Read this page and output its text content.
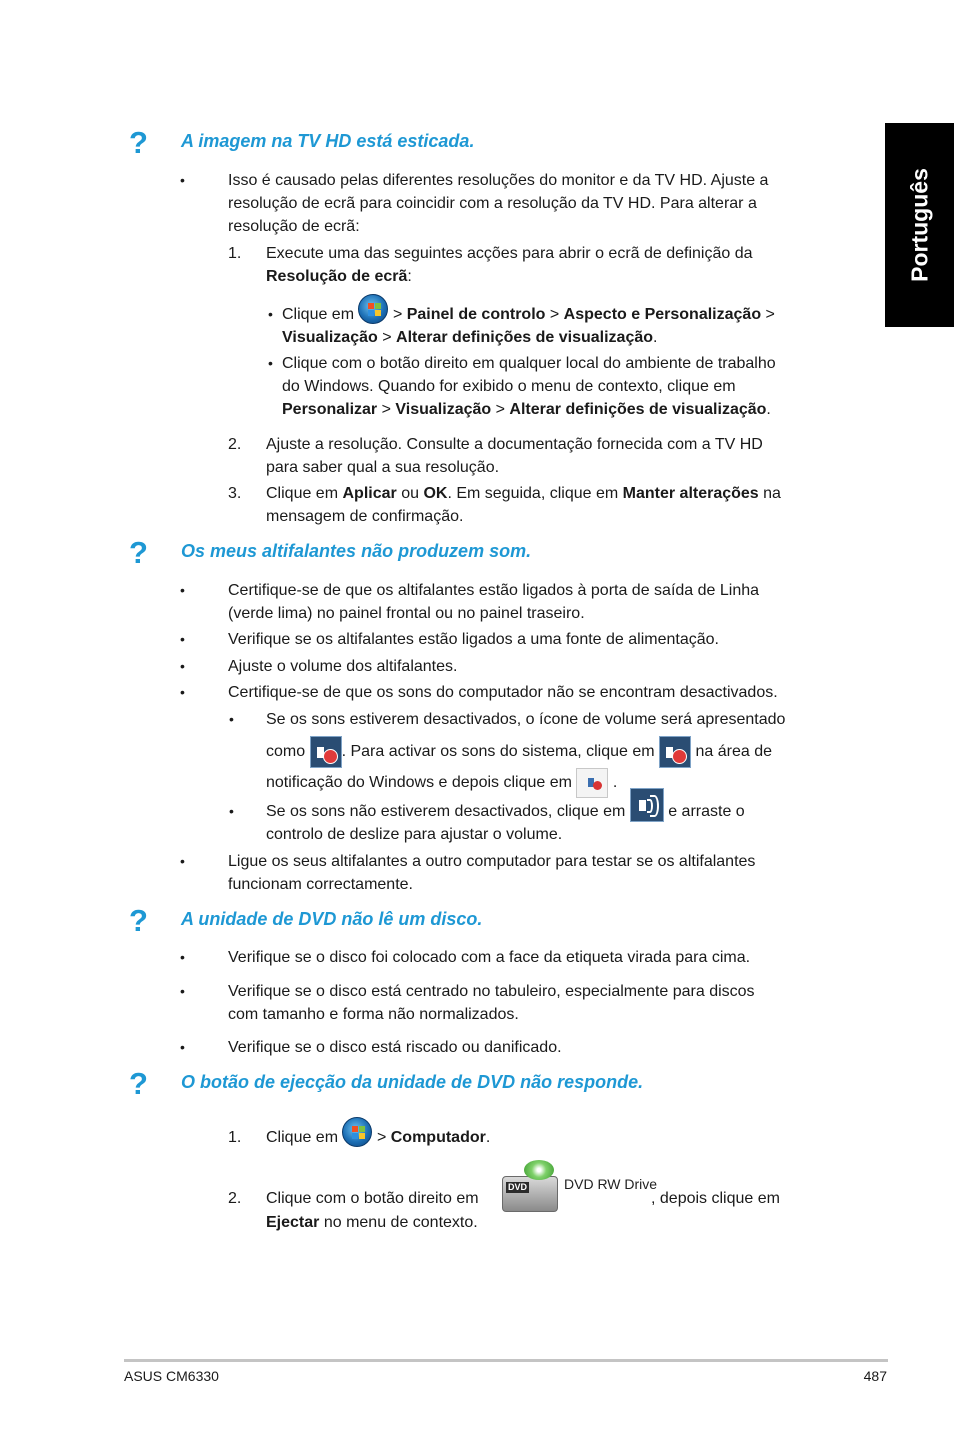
Português
? A imagem na TV HD está esticada.
•	Isso é causado pelas diferentes resoluções do monitor e da TV HD. Ajuste a
resolução de ecrã para coincidir com a resolução da TV HD. Para alterar a
resolução de ecrã:
1. Execute uma das seguintes acções para abrir o ecrã de definição da
Resolução de ecrã:
• Clique em > Painel de controlo > Aspecto e Personalização >
Visualização > Alterar definições de visualização.
• Clique com o botão direito em qualquer local do ambiente de trabalho
do Windows. Quando for exibido o menu de contexto, clique em
Personalizar > Visualização > Alterar definições de visualização.
2. Ajuste a resolução. Consulte a documentação fornecida com a TV HD
para saber qual a sua resolução.
3. Clique em Aplicar ou OK. Em seguida, clique em Manter alterações na
mensagem de confirmação.
? Os meus altifalantes não produzem som.
•	Certifique-se de que os altifalantes estão ligados à porta de saída de Linha
(verde lima) no painel frontal ou no painel traseiro.
•	Verifique se os altifalantes estão ligados a uma fonte de alimentação.
•	Ajuste o volume dos altifalantes.
•	Certifique-se de que os sons do computador não se encontram desactivados.
• Se os sons estiverem desactivados, o ícone de volume será apresentado
como . Para activar os sons do sistema, clique em	na área de
notificação do Windows e depois clique em	.
• Se os sons não estiverem desactivados, clique em	e arraste o
controlo de deslize para ajustar o volume.
•	Ligue os seus altifalantes a outro computador para testar se os altifalantes
funcionam correctamente.
? A unidade de DVD não lê um disco.
•	Verifique se o disco foi colocado com a face da etiqueta virada para cima.
•	Verifique se o disco está centrado no tabuleiro, especialmente para discos
com tamanho e forma não normalizados.
•	Verifique se o disco está riscado ou danificado.
? O botão de ejecção da unidade de DVD não responde.
1. Clique em > Computador.
2. Clique com o botão direito em
DVD	DVD RW Drive
, depois clique em
Ejectar no menu de contexto.
ASUS CM6330	487
